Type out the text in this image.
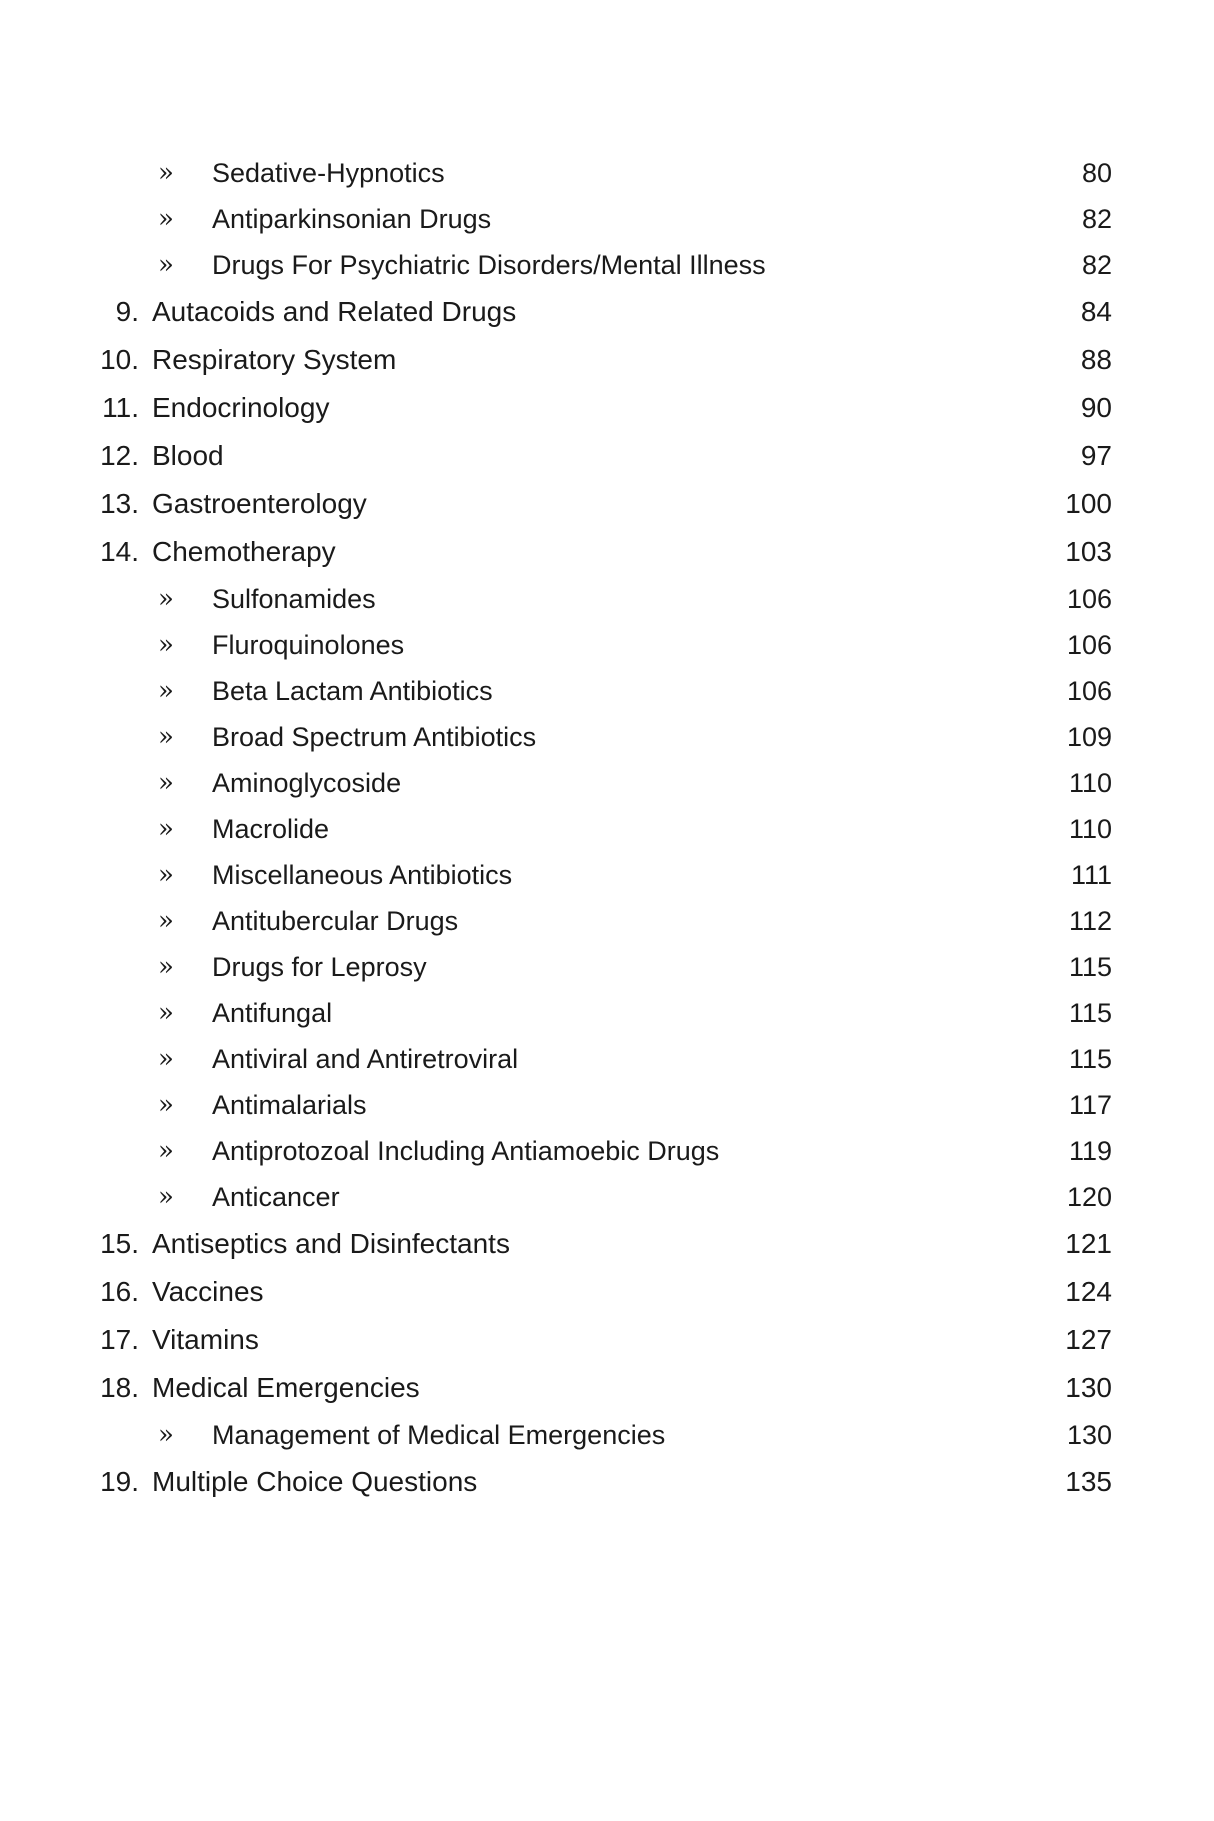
» Sedative-Hypnotics	80
» Antiparkinsonian Drugs	82
» Drugs For Psychiatric Disorders/Mental Illness	82
9. Autacoids and Related Drugs	84
10. Respiratory System	88
11. Endocrinology	90
12. Blood	97
13. Gastroenterology	100
14. Chemotherapy	103
» Sulfonamides	106
» Fluroquinolones	106
» Beta Lactam Antibiotics	106
» Broad Spectrum Antibiotics	109
» Aminoglycoside	110
» Macrolide	110
» Miscellaneous Antibiotics	111
» Antitubercular Drugs	112
» Drugs for Leprosy	115
» Antifungal	115
» Antiviral and Antiretroviral	115
» Antimalarials	117
» Antiprotozoal Including Antiamoebic Drugs	119
» Anticancer	120
15. Antiseptics and Disinfectants	121
16. Vaccines	124
17. Vitamins	127
18. Medical Emergencies	130
» Management of Medical Emergencies	130
19. Multiple Choice Questions	135
